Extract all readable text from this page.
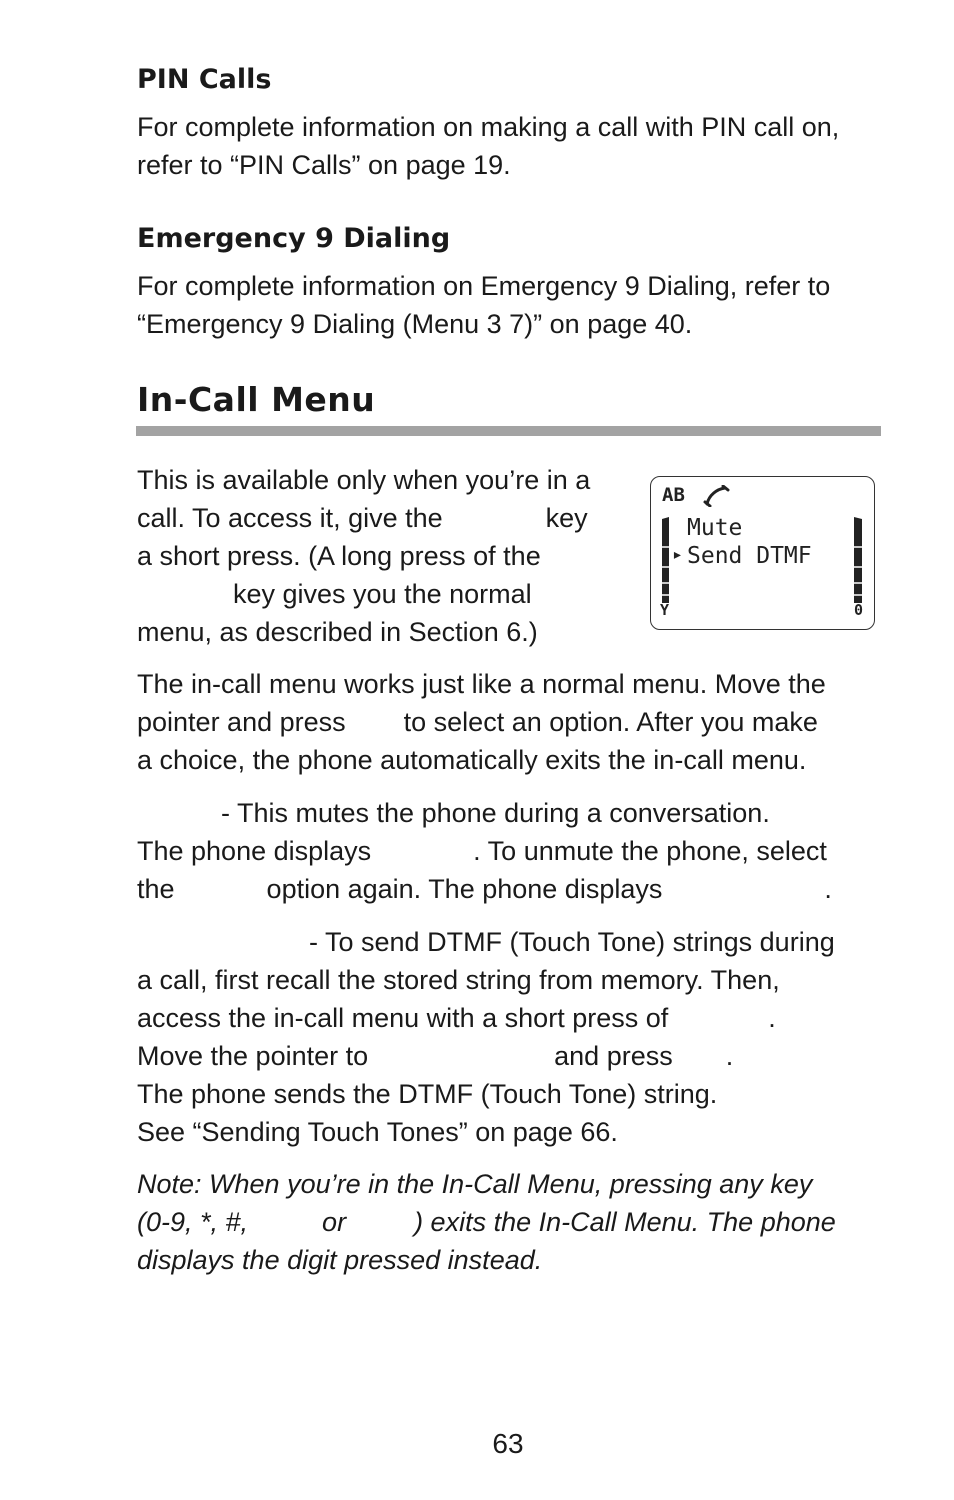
PIN Calls

For complete information on making a call with PIN call on,
refer to “PIN Calls” on page 19.

Emergency 9 Dialing

For complete information on Emergency 9 Dialing, refer to
“Emergency 9 Dialing (Menu 3 7)” on page 40.

In-Call Menu

This is available only when you’re in a
call. To access it, give the	key
a short press. (A long press of the
key gives you the normal
menu, as described in Section 6.)

AB
Mute
▸ Send DTMF
Y	0

The in-call menu works just like a normal menu. Move the
pointer and press to select an option. After you make
a choice, the phone automatically exits the in-call menu.

- This mutes the phone during a conversation.
The phone displays	. To unmute the phone, select
the	option again. The phone displays	.

- To send DTMF (Touch Tone) strings during
a call, first recall the stored string from memory. Then,
access the in-call menu with a short press of	.
Move the pointer to	and press .
The phone sends the DTMF (Touch Tone) string.
See “Sending Touch Tones” on page 66.

Note: When you’re in the In-Call Menu, pressing any key
(0-9, *, #,	or	) exits the In-Call Menu. The phone
displays the digit pressed instead.

63
